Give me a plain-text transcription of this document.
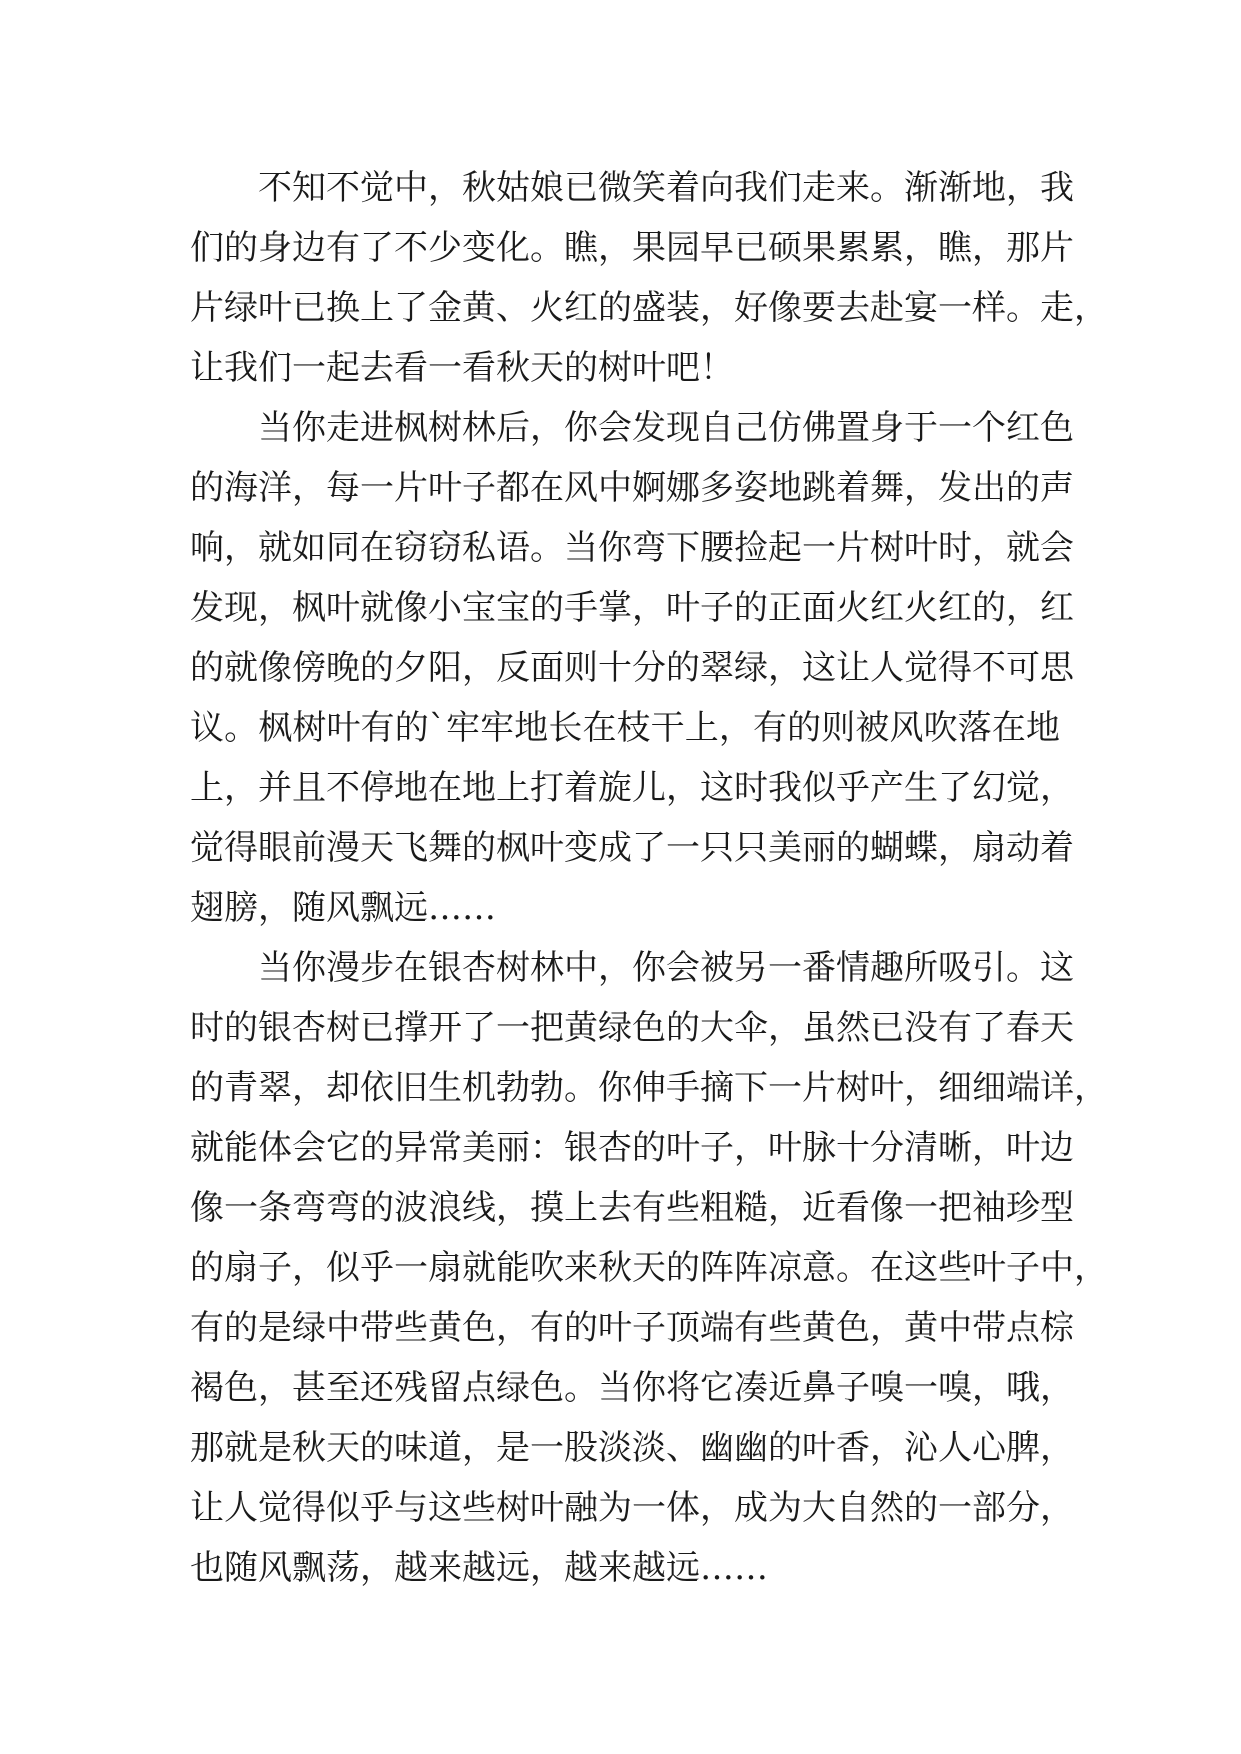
不知不觉中，秋姑娘已微笑着向我们走来。渐渐地，我
们的身边有了不少变化。瞧，果园早已硕果累累，瞧，那片
片绿叶已换上了金黄、火红的盛装，好像要去赴宴一样。走，
让我们一起去看一看秋天的树叶吧！
当你走进枫树林后，你会发现自己仿佛置身于一个红色
的海洋，每一片叶子都在风中婀娜多姿地跳着舞，发出的声
响，就如同在窃窃私语。当你弯下腰捡起一片树叶时，就会
发现，枫叶就像小宝宝的手掌，叶子的正面火红火红的，红
的就像傍晚的夕阳，反面则十分的翠绿，这让人觉得不可思
议。枫树叶有的`牢牢地长在枝干上，有的则被风吹落在地
上，并且不停地在地上打着旋儿，这时我似乎产生了幻觉，
觉得眼前漫天飞舞的枫叶变成了一只只美丽的蝴蝶，扇动着
翅膀，随风飘远……
当你漫步在银杏树林中，你会被另一番情趣所吸引。这
时的银杏树已撑开了一把黄绿色的大伞，虽然已没有了春天
的青翠，却依旧生机勃勃。你伸手摘下一片树叶，细细端详，
就能体会它的异常美丽：银杏的叶子，叶脉十分清晰，叶边
像一条弯弯的波浪线，摸上去有些粗糙，近看像一把袖珍型
的扇子，似乎一扇就能吹来秋天的阵阵凉意。在这些叶子中，
有的是绿中带些黄色，有的叶子顶端有些黄色，黄中带点棕
褐色，甚至还残留点绿色。当你将它凑近鼻子嗅一嗅，哦，
那就是秋天的味道，是一股淡淡、幽幽的叶香，沁人心脾，
让人觉得似乎与这些树叶融为一体，成为大自然的一部分，
也随风飘荡，越来越远，越来越远……
